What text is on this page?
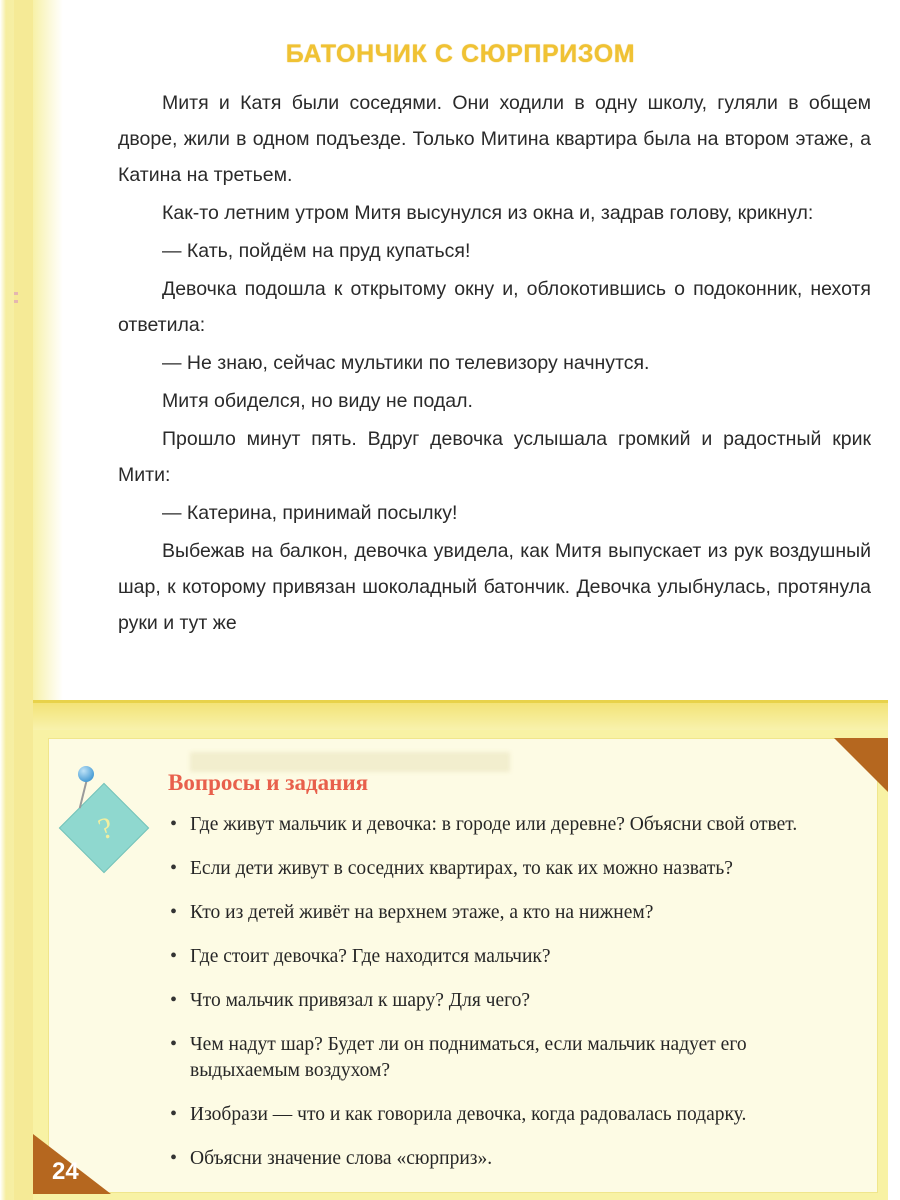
БАТОНЧИК С СЮРПРИЗОМ

Митя и Катя были соседями. Они ходили в одну школу, гуляли в общем дворе, жили в одном подъезде. Только Митина квартира была на втором этаже, а Катина на третьем.

Как-то летним утром Митя высунулся из окна и, задрав голову, крикнул:

— Кать, пойдём на пруд купаться!

Девочка подошла к открытому окну и, облокотившись о подоконник, нехотя ответила:

— Не знаю, сейчас мультики по телевизору начнутся.

Митя обиделся, но виду не подал.

Прошло минут пять. Вдруг девочка услышала громкий и радостный крик Мити:

— Катерина, принимай посылку!

Выбежав на балкон, девочка увидела, как Митя выпускает из рук воздушный шар, к которому привязан шоколадный батончик. Девочка улыбнулась, протянула руки и тут же

24
?
Вопросы и задания
• Где живут мальчик и девочка: в городе или деревне? Объясни свой ответ.
• Если дети живут в соседних квартирах, то как их можно назвать?
• Кто из детей живёт на верхнем этаже, а кто на нижнем?
• Где стоит девочка? Где находится мальчик?
• Что мальчик привязал к шару? Для чего?
• Чем надут шар? Будет ли он подниматься, если мальчик надует его выдыхаемым воздухом?
• Изобрази — что и как говорила девочка, когда радовалась подарку.
• Объясни значение слова «сюрприз».
